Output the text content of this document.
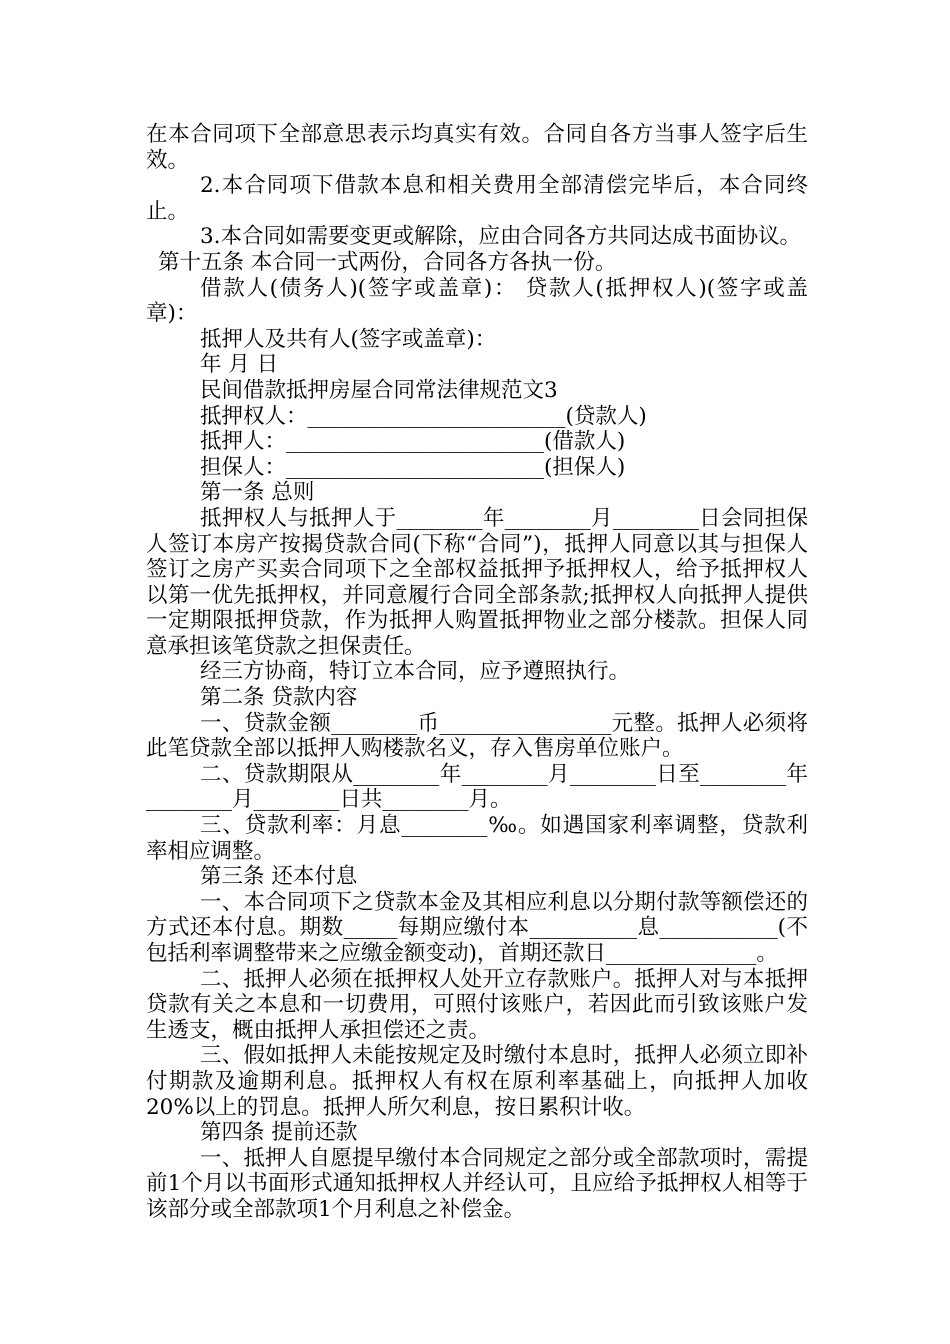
在本合同项下全部意思表示均真实有效。合同自各方当事人签字后生效。

2.本合同项下借款本息和相关费用全部清偿完毕后，本合同终止。

3.本合同如需要变更或解除，应由合同各方共同达成书面协议。

第十五条 本合同一式两份，合同各方各执一份。

借款人(债务人)(签字或盖章)： 贷款人(抵押权人)(签字或盖章)：

抵押人及共有人(签字或盖章)：

年 月 日

民间借款抵押房屋合同常法律规范文3

抵押权人：________________________(贷款人)

抵押人：________________________(借款人)

担保人：________________________(担保人)

第一条 总则

抵押权人与抵押人于________年________月________日会同担保人签订本房产按揭贷款合同(下称“合同”)，抵押人同意以其与担保人签订之房产买卖合同项下之全部权益抵押予抵押权人，给予抵押权人以第一优先抵押权，并同意履行合同全部条款;抵押权人向抵押人提供一定期限抵押贷款，作为抵押人购置抵押物业之部分楼款。担保人同意承担该笔贷款之担保责任。

经三方协商，特订立本合同，应予遵照执行。

第二条 贷款内容

一、贷款金额________币________________元整。抵押人必须将此笔贷款全部以抵押人购楼款名义，存入售房单位账户。

二、贷款期限从________年________月________日至________年________月________日共________月。

三、贷款利率：月息________‰。如遇国家利率调整，贷款利率相应调整。

第三条 还本付息

一、本合同项下之贷款本金及其相应利息以分期付款等额偿还的方式还本付息。期数_____每期应缴付本__________息___________(不包括利率调整带来之应缴金额变动)，首期还款日______________。

二、抵押人必须在抵押权人处开立存款账户。抵押人对与本抵押贷款有关之本息和一切费用，可照付该账户，若因此而引致该账户发生透支，概由抵押人承担偿还之责。

三、假如抵押人未能按规定及时缴付本息时，抵押人必须立即补付期款及逾期利息。抵押权人有权在原利率基础上，向抵押人加收20%以上的罚息。抵押人所欠利息，按日累积计收。

第四条 提前还款

一、抵押人自愿提早缴付本合同规定之部分或全部款项时，需提前1个月以书面形式通知抵押权人并经认可，且应给予抵押权人相等于该部分或全部款项1个月利息之补偿金。
